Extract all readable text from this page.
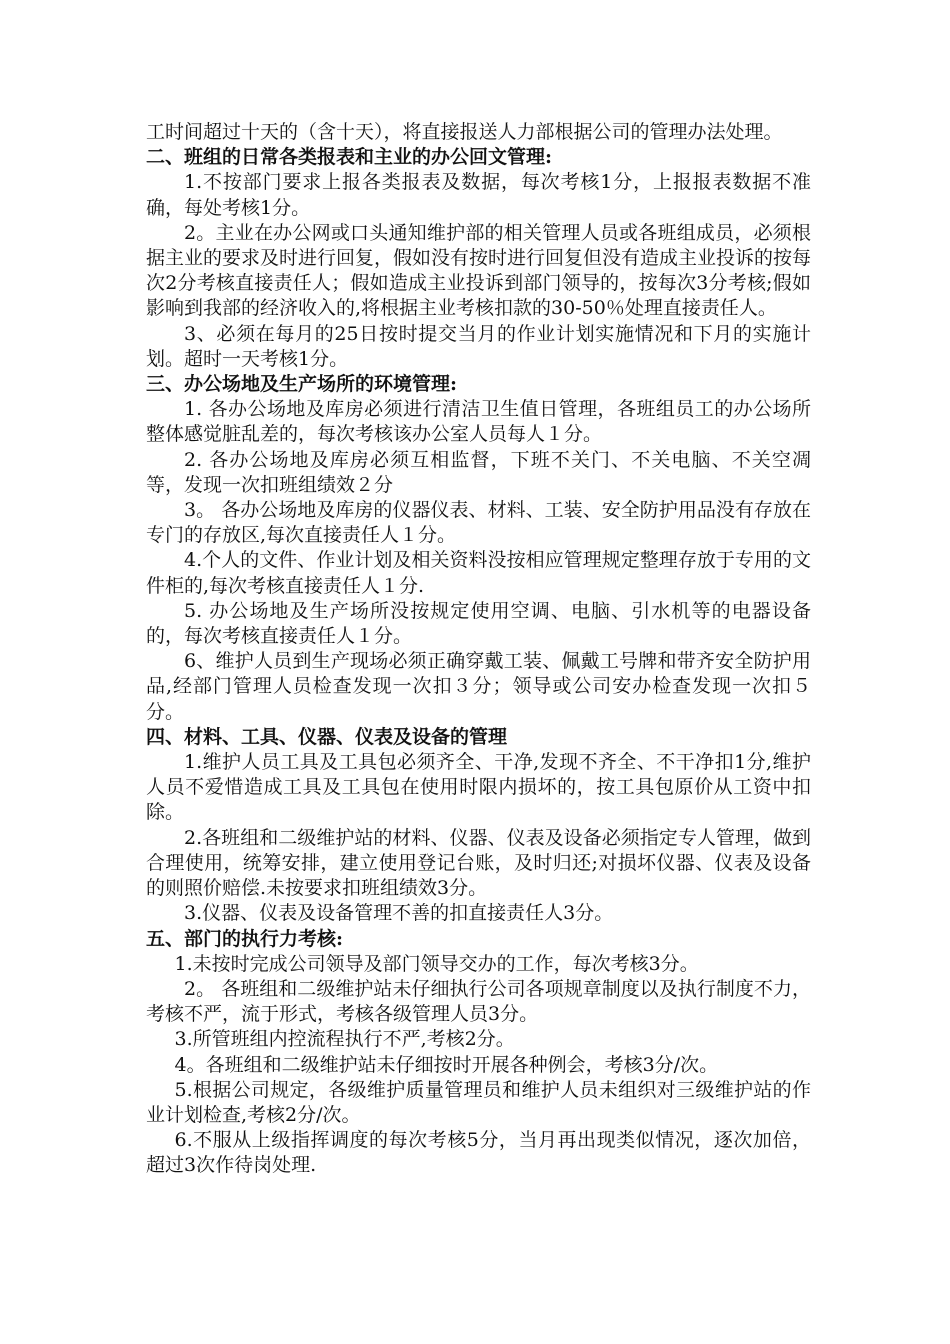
工时间超过十天的（含十天），将直接报送人力部根据公司的管理办法处理。

二、班组的日常各类报表和主业的办公回文管理:

1.不按部门要求上报各类报表及数据，每次考核1分，上报报表数据不准确，每处考核1分。

2。主业在办公网或口头通知维护部的相关管理人员或各班组成员，必须根据主业的要求及时进行回复，假如没有按时进行回复但没有造成主业投诉的按每次2分考核直接责任人；假如造成主业投诉到部门领导的，按每次3分考核;假如影响到我部的经济收入的,将根据主业考核扣款的30-50％处理直接责任人。

3、必须在每月的25日按时提交当月的作业计划实施情况和下月的实施计划。超时一天考核1分。

三、办公场地及生产场所的环境管理:

1. 各办公场地及库房必须进行清洁卫生值日管理，各班组员工的办公场所整体感觉脏乱差的，每次考核该办公室人员每人１分。

2. 各办公场地及库房必须互相监督，下班不关门、不关电脑、不关空凋等，发现一次扣班组绩效２分

3。 各办公场地及库房的仪器仪表、材料、工装、安全防护用品没有存放在专门的存放区,每次直接责任人１分。

4.个人的文件、作业计划及相关资料没按相应管理规定整理存放于专用的文件柜的,每次考核直接责任人１分.

5. 办公场地及生产场所没按规定使用空调、电脑、引水机等的电器设备的，每次考核直接责任人１分。

6、维护人员到生产现场必须正确穿戴工装、佩戴工号牌和带齐安全防护用品,经部门管理人员检查发现一次扣３分；领导或公司安办检查发现一次扣５分。

四、材料、工具、仪器、仪表及设备的管理

1.维护人员工具及工具包必须齐全、干净,发现不齐全、不干净扣1分,维护人员不爱惜造成工具及工具包在使用时限内损坏的，按工具包原价从工资中扣除。

2.各班组和二级维护站的材料、仪器、仪表及设备必须指定专人管理，做到合理使用，统筹安排，建立使用登记台账，及时归还;对损坏仪器、仪表及设备的则照价赔偿.未按要求扣班组绩效3分。

3.仪器、仪表及设备管理不善的扣直接责任人3分。

五、部门的执行力考核:

1.未按时完成公司领导及部门领导交办的工作，每次考核3分。

2。 各班组和二级维护站未仔细执行公司各项规章制度以及执行制度不力，考核不严，流于形式，考核各级管理人员3分。

3.所管班组内控流程执行不严,考核2分。

4。各班组和二级维护站未仔细按时开展各种例会，考核3分/次。

5.根据公司规定，各级维护质量管理员和维护人员未组织对三级维护站的作业计划检查,考核2分/次。

6.不服从上级指挥调度的每次考核5分，当月再出现类似情况，逐次加倍，超过3次作待岗处理.
